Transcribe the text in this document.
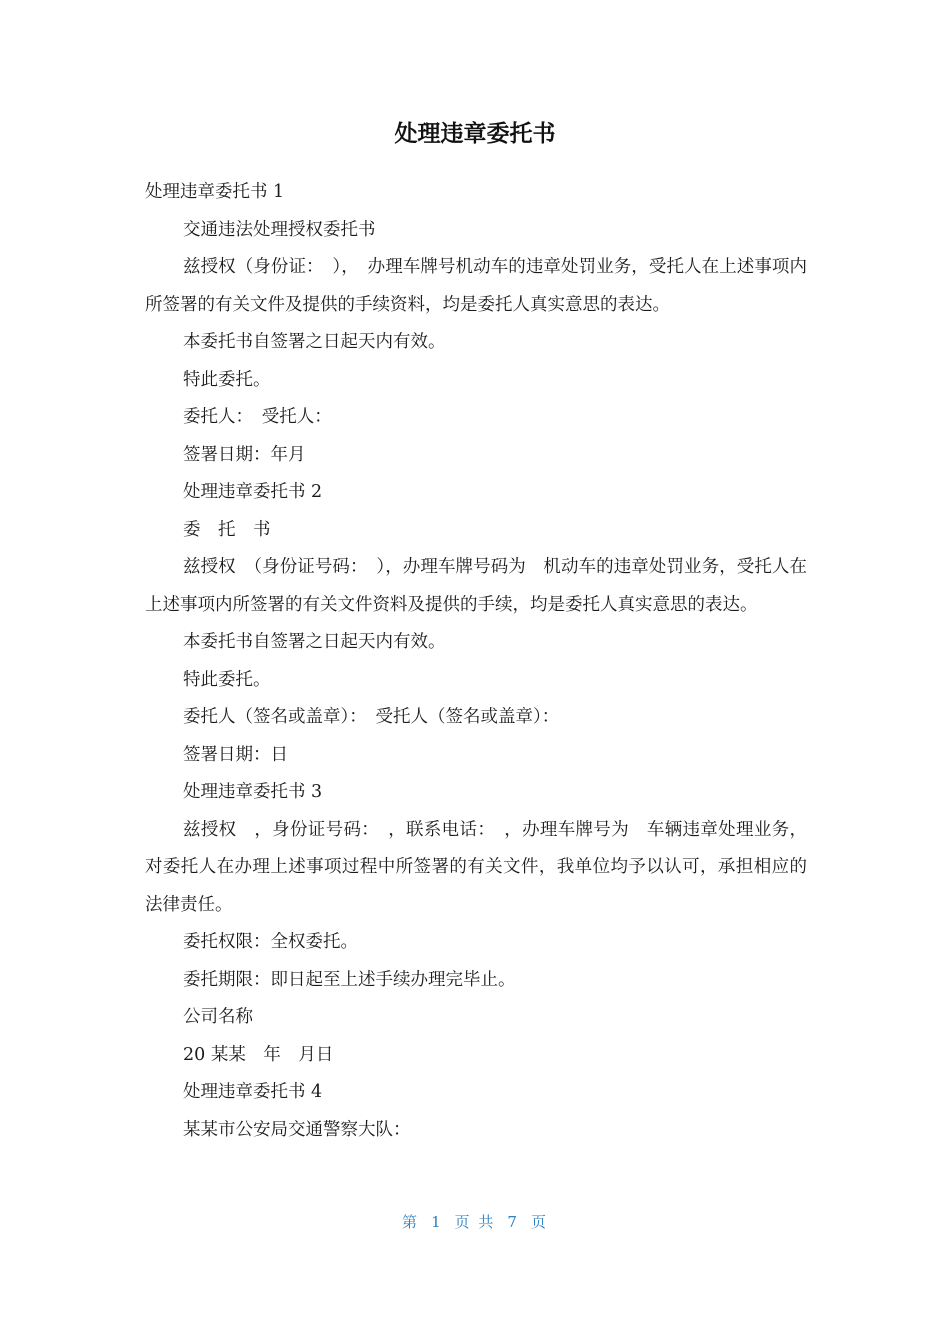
处理违章委托书

处理违章委托书 1

交通违法处理授权委托书

兹授权（身份证：　），　办理车牌号机动车的违章处罚业务，受托人在上述事项内所签署的有关文件及提供的手续资料，均是委托人真实意思的表达。

本委托书自签署之日起天内有效。

特此委托。

委托人：　受托人：

签署日期：年月

处理违章委托书 2

委　托　书

兹授权　（身份证号码：　），办理车牌号码为　机动车的违章处罚业务，受托人在上述事项内所签署的有关文件资料及提供的手续，均是委托人真实意思的表达。

本委托书自签署之日起天内有效。

特此委托。

委托人（签名或盖章）：　受托人（签名或盖章）：

签署日期：日

处理违章委托书 3

兹授权　，身份证号码：　，联系电话：　，办理车牌号为　车辆违章处理业务，对委托人在办理上述事项过程中所签署的有关文件，我单位均予以认可，承担相应的法律责任。

委托权限：全权委托。

委托期限：即日起至上述手续办理完毕止。

公司名称

20 某某　年　月日

处理违章委托书 4

某某市公安局交通警察大队：

第 1 页 共 7 页
